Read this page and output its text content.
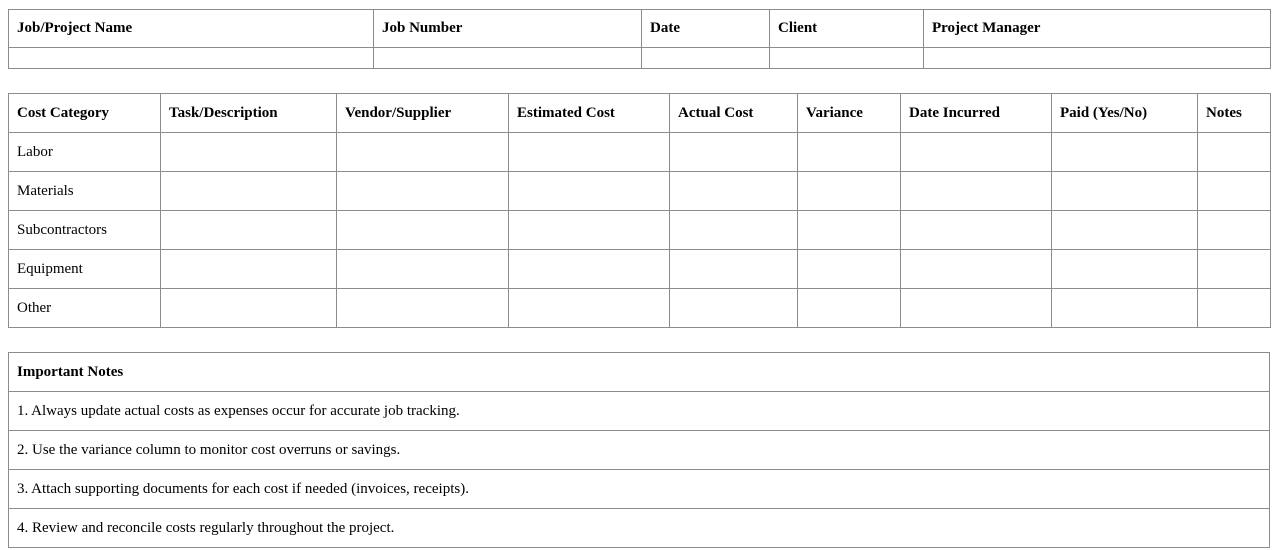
Job/Project Name	Job Number	Date	Client	Project Manager

Cost Category	Task/Description	Vendor/Supplier	Estimated Cost	Actual Cost	Variance	Date Incurred	Paid (Yes/No)	Notes
Labor								
Materials								
Subcontractors								
Equipment								
Other								
Important Notes
1. Always update actual costs as expenses occur for accurate job tracking.
2. Use the variance column to monitor cost overruns or savings.
3. Attach supporting documents for each cost if needed (invoices, receipts).
4. Review and reconcile costs regularly throughout the project.
